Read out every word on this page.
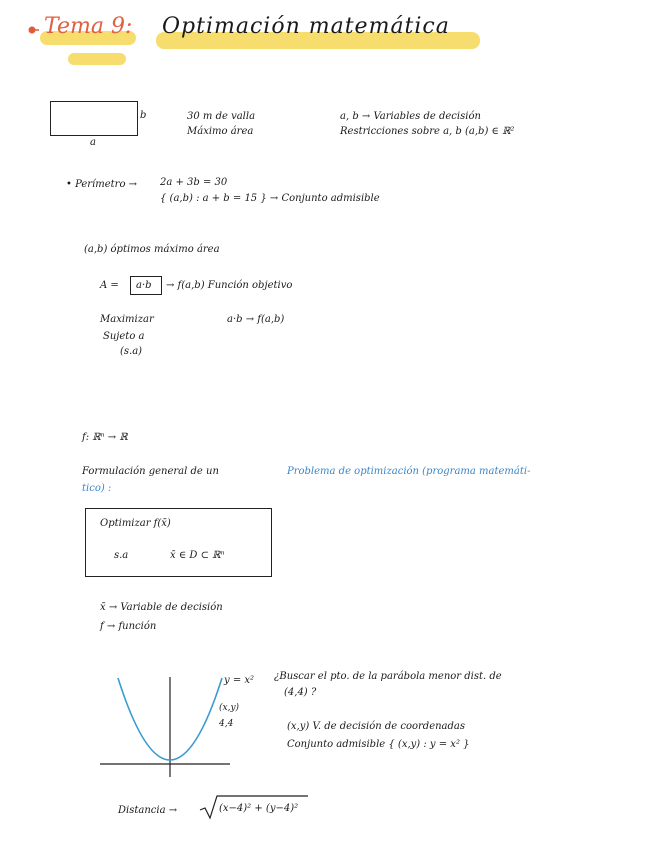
Tema 9: Optimación matemática
b
a
30 m de valla
Máximo área
a, b → Variables de decisión
Restricciones sobre a, b (a,b) ∈ ℝ²
• Perímetro → 2a + 3b = 30
{ (a,b) : a + b = 15 } → Conjunto admisible
(a,b) óptimos máximo área
A = a·b → f(a,b) Función objetivo
Maximizar	a·b → f(a,b)
Sujeto a
(s.a)
f: ℝⁿ → ℝ
Formulación general de un	Problema de optimización (programa matemáti-
tico) :
Optimizar f(x̄)
s.a	x̄ ∈ D ⊂ ℝⁿ
x̄ → Variable de decisión
f → función
y = x²
(x,y)
4,4
¿Buscar el pto. de la parábola menor dist. de
(4,4) ?
(x,y) V. de decisión de coordenadas
Conjunto admisible { (x,y) : y = x² }
Distancia →	(x−4)² + (y−4)²
